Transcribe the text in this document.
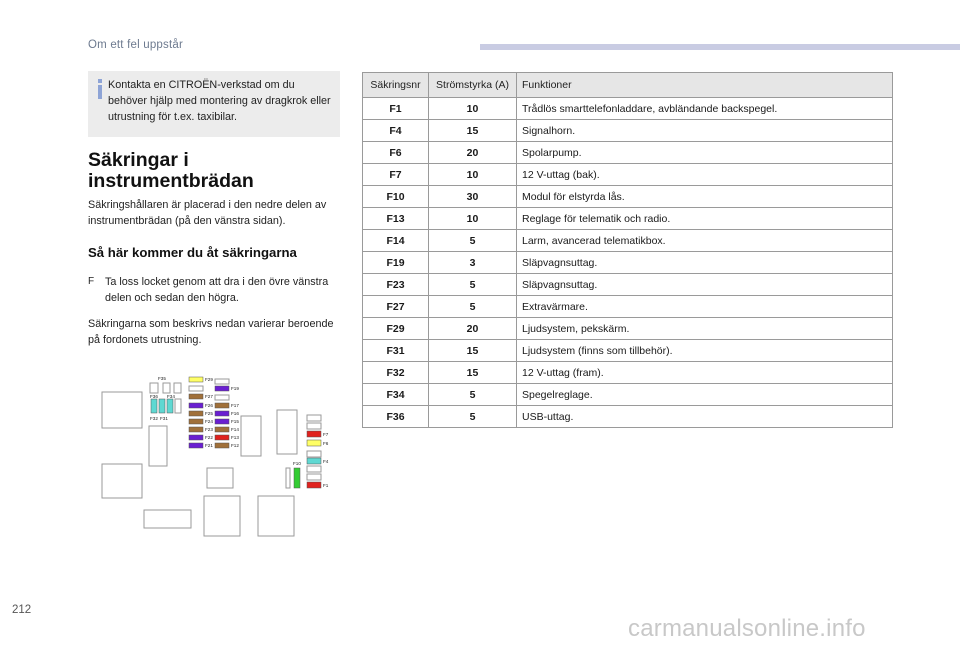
Om ett fel uppstår
Kontakta en CITROËN-verkstad om du behöver hjälp med montering av dragkrok eller utrustning för t.ex. taxibilar.
Säkringar i
instrumentbrädan
Säkringshållaren är placerad i den nedre delen av instrumentbrädan (på den vänstra sidan).
Så här kommer du åt säkringarna
F Ta loss locket genom att dra i den övre vänstra delen och sedan den högra.
Säkringarna som beskrivs nedan varierar beroende på fordonets utrustning.
Säkringsnr	Strömstyrka (A)	Funktioner
F1	10	Trådlös smarttelefonladdare, avbländande backspegel.
F4	15	Signalhorn.
F6	20	Spolarpump.
F7	10	12 V-uttag (bak).
F10	30	Modul för elstyrda lås.
F13	10	Reglage för telematik och radio.
F14	5	Larm, avancerad telematikbox.
F19	3	Släpvagnsuttag.
F23	5	Släpvagnsuttag.
F27	5	Extravärmare.
F29	20	Ljudsystem, pekskärm.
F31	15	Ljudsystem (finns som tillbehör).
F32	15	12 V-uttag (fram).
F34	5	Spegelreglage.
F36	5	USB-uttag.
F35	F29
F19
F27
F36 F34
F26	F17
F25	F16
F24	F15
F23	F14
F22	F13
F21	F12
F32 F31
F10
F7
F6
F4
F1
212
carmanualsonline.info
